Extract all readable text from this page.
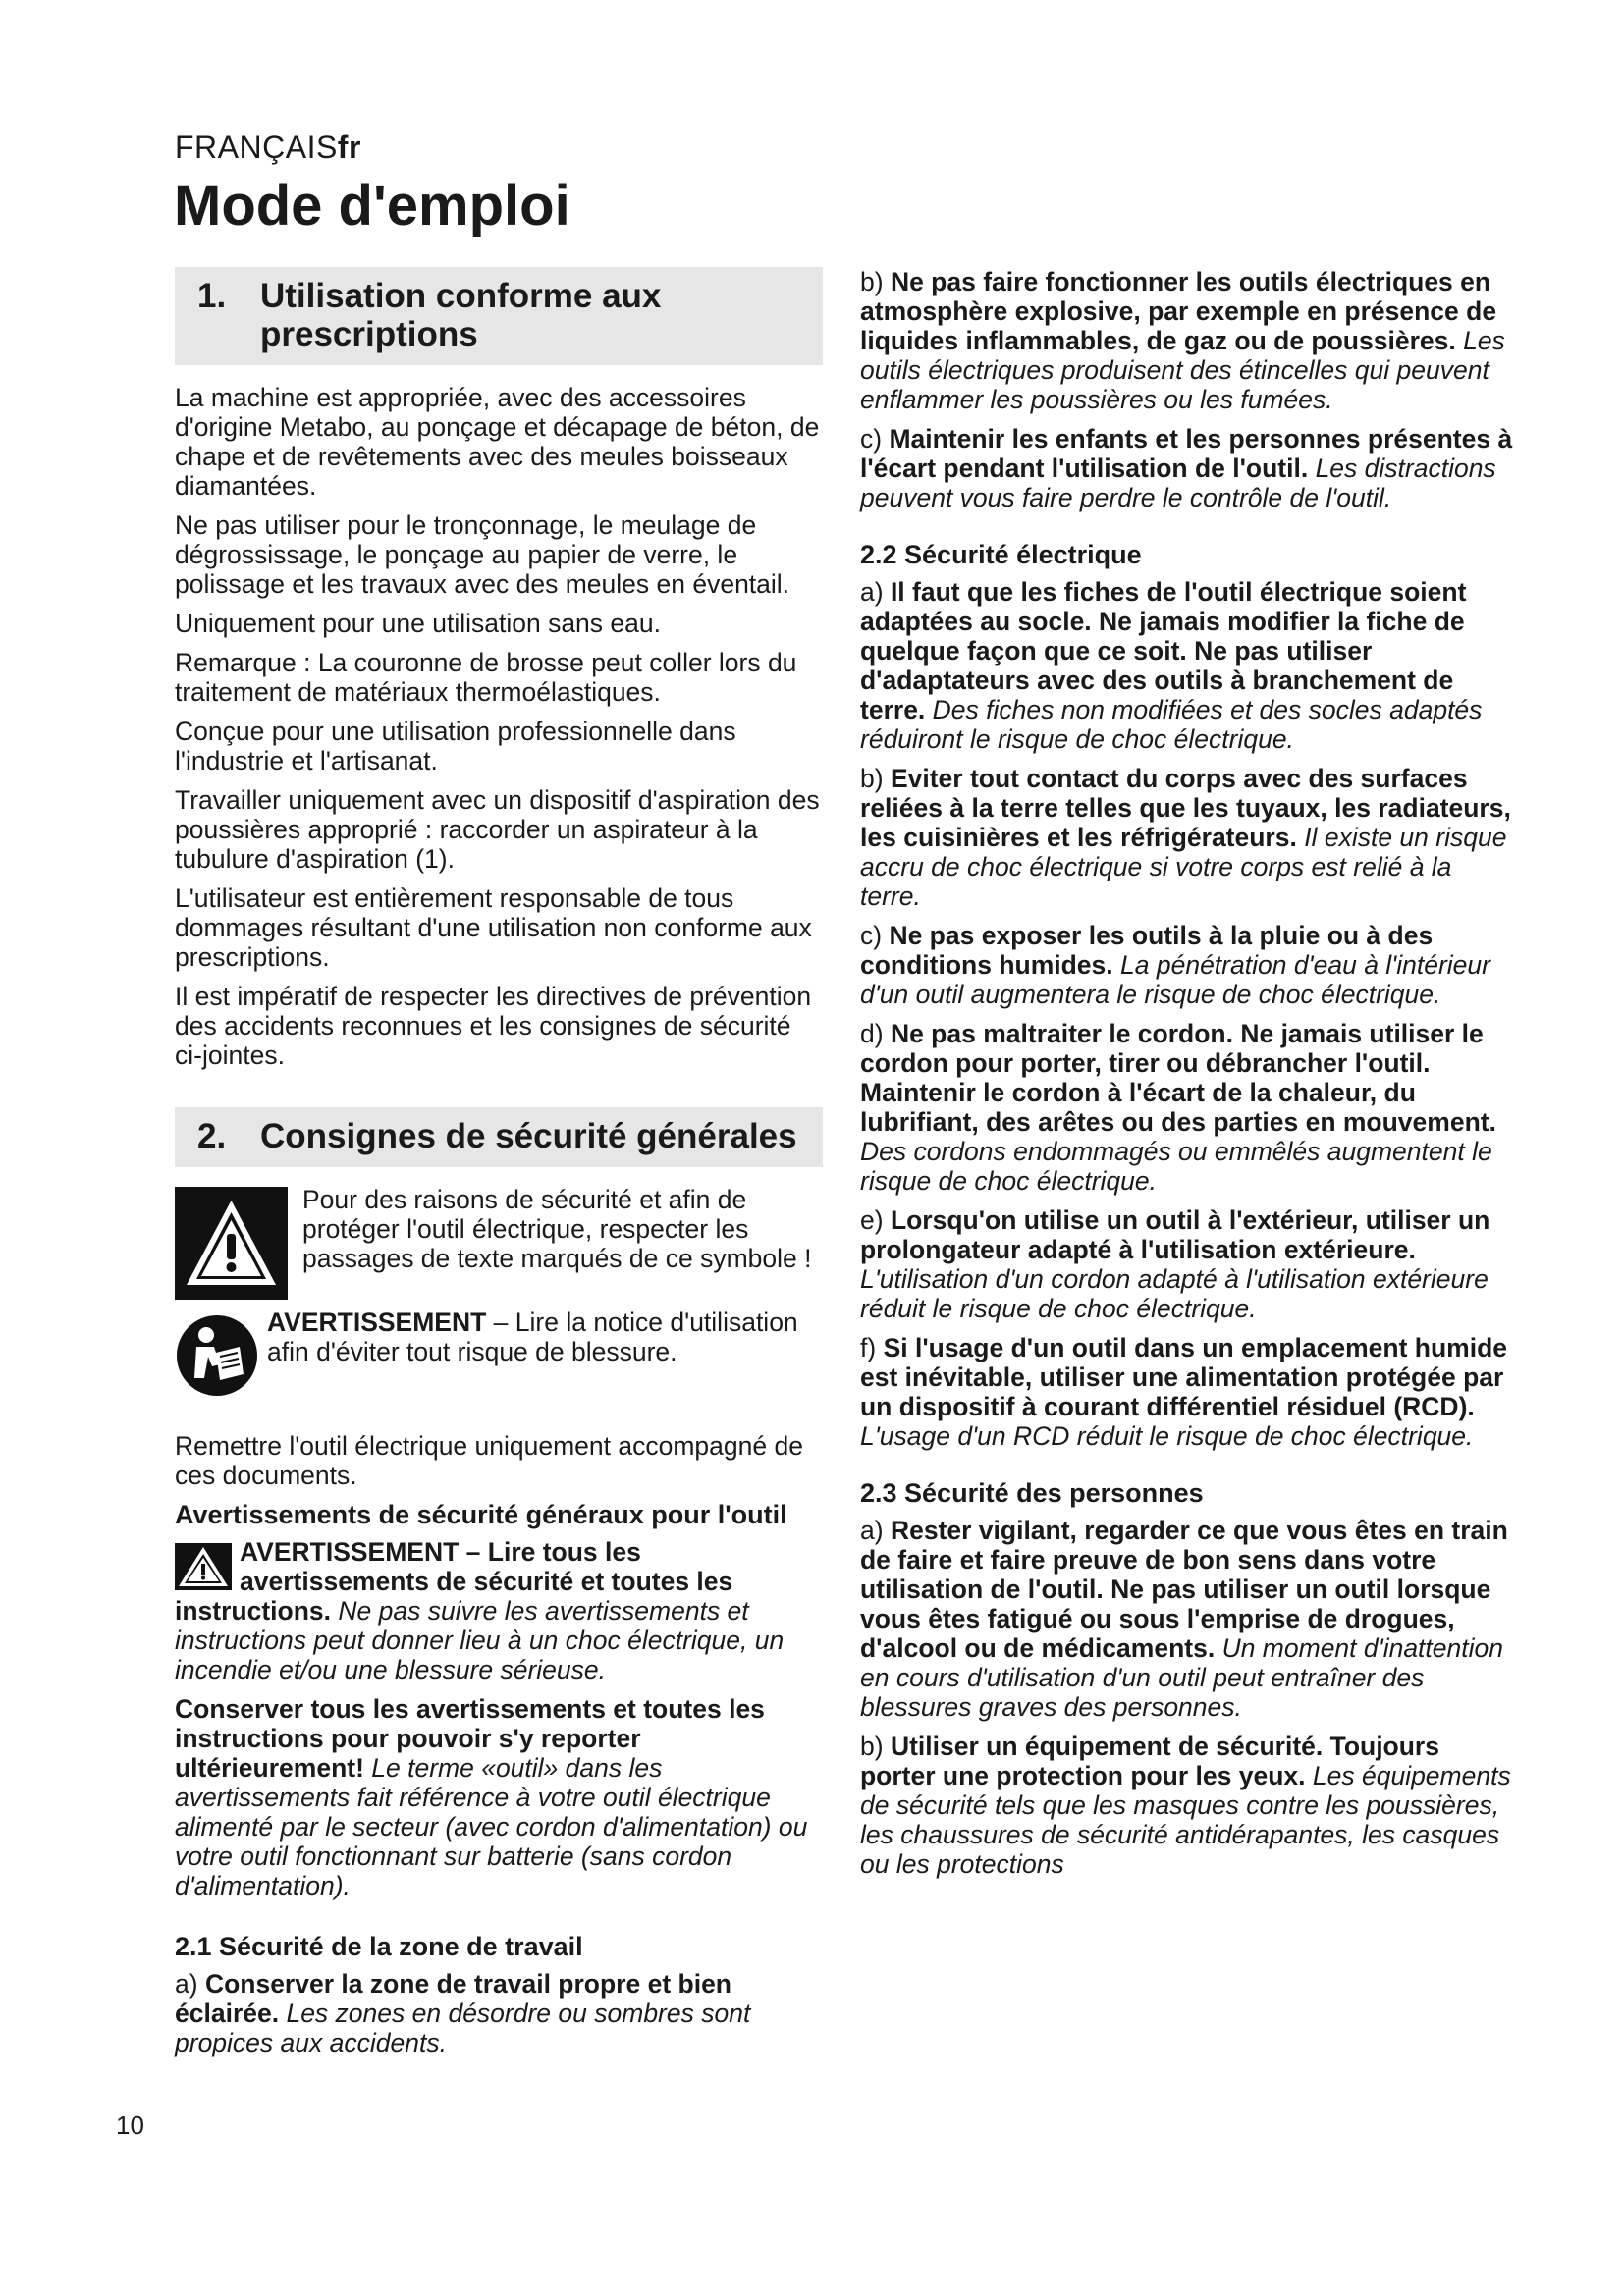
FRANÇAISfr
Mode d'emploi
1. Utilisation conforme aux prescriptions

La machine est appropriée, avec des accessoires d'origine Metabo, au ponçage et décapage de béton, de chape et de revêtements avec des meules boisseaux diamantées.

Ne pas utiliser pour le tronçonnage, le meulage de dégrossissage, le ponçage au papier de verre, le polissage et les travaux avec des meules en éventail.

Uniquement pour une utilisation sans eau.

Remarque : La couronne de brosse peut coller lors du traitement de matériaux thermoélastiques.

Conçue pour une utilisation professionnelle dans l'industrie et l'artisanat.

Travailler uniquement avec un dispositif d'aspiration des poussières approprié : raccorder un aspirateur à la tubulure d'aspiration (1).

L'utilisateur est entièrement responsable de tous dommages résultant d'une utilisation non conforme aux prescriptions.

Il est impératif de respecter les directives de prévention des accidents reconnues et les consignes de sécurité ci-jointes.

2. Consignes de sécurité générales

Pour des raisons de sécurité et afin de protéger l'outil électrique, respecter les passages de texte marqués de ce symbole !

AVERTISSEMENT – Lire la notice d'utilisation afin d'éviter tout risque de blessure.

Remettre l'outil électrique uniquement accompagné de ces documents.

Avertissements de sécurité généraux pour l'outil

AVERTISSEMENT – Lire tous les avertissements de sécurité et toutes les instructions. Ne pas suivre les avertissements et instructions peut donner lieu à un choc électrique, un incendie et/ou une blessure sérieuse.

Conserver tous les avertissements et toutes les instructions pour pouvoir s'y reporter ultérieurement! Le terme «outil» dans les avertissements fait référence à votre outil électrique alimenté par le secteur (avec cordon d'alimentation) ou votre outil fonctionnant sur batterie (sans cordon d'alimentation).

2.1 Sécurité de la zone de travail

a) Conserver la zone de travail propre et bien éclairée. Les zones en désordre ou sombres sont propices aux accidents.

b) Ne pas faire fonctionner les outils électriques en atmosphère explosive, par exemple en présence de liquides inflammables, de gaz ou de poussières. Les outils électriques produisent des étincelles qui peuvent enflammer les poussières ou les fumées.

c) Maintenir les enfants et les personnes présentes à l'écart pendant l'utilisation de l'outil. Les distractions peuvent vous faire perdre le contrôle de l'outil.

2.2 Sécurité électrique

a) Il faut que les fiches de l'outil électrique soient adaptées au socle. Ne jamais modifier la fiche de quelque façon que ce soit. Ne pas utiliser d'adaptateurs avec des outils à branchement de terre. Des fiches non modifiées et des socles adaptés réduiront le risque de choc électrique.

b) Eviter tout contact du corps avec des surfaces reliées à la terre telles que les tuyaux, les radiateurs, les cuisinières et les réfrigérateurs. Il existe un risque accru de choc électrique si votre corps est relié à la terre.

c) Ne pas exposer les outils à la pluie ou à des conditions humides. La pénétration d'eau à l'intérieur d'un outil augmentera le risque de choc électrique.

d) Ne pas maltraiter le cordon. Ne jamais utiliser le cordon pour porter, tirer ou débrancher l'outil. Maintenir le cordon à l'écart de la chaleur, du lubrifiant, des arêtes ou des parties en mouvement. Des cordons endommagés ou emmêlés augmentent le risque de choc électrique.

e) Lorsqu'on utilise un outil à l'extérieur, utiliser un prolongateur adapté à l'utilisation extérieure. L'utilisation d'un cordon adapté à l'utilisation extérieure réduit le risque de choc électrique.

f) Si l'usage d'un outil dans un emplacement humide est inévitable, utiliser une alimentation protégée par un dispositif à courant différentiel résiduel (RCD). L'usage d'un RCD réduit le risque de choc électrique.

2.3 Sécurité des personnes

a) Rester vigilant, regarder ce que vous êtes en train de faire et faire preuve de bon sens dans votre utilisation de l'outil. Ne pas utiliser un outil lorsque vous êtes fatigué ou sous l'emprise de drogues, d'alcool ou de médicaments. Un moment d'inattention en cours d'utilisation d'un outil peut entraîner des blessures graves des personnes.

b) Utiliser un équipement de sécurité. Toujours porter une protection pour les yeux. Les équipements de sécurité tels que les masques contre les poussières, les chaussures de sécurité antidérapantes, les casques ou les protections

10
